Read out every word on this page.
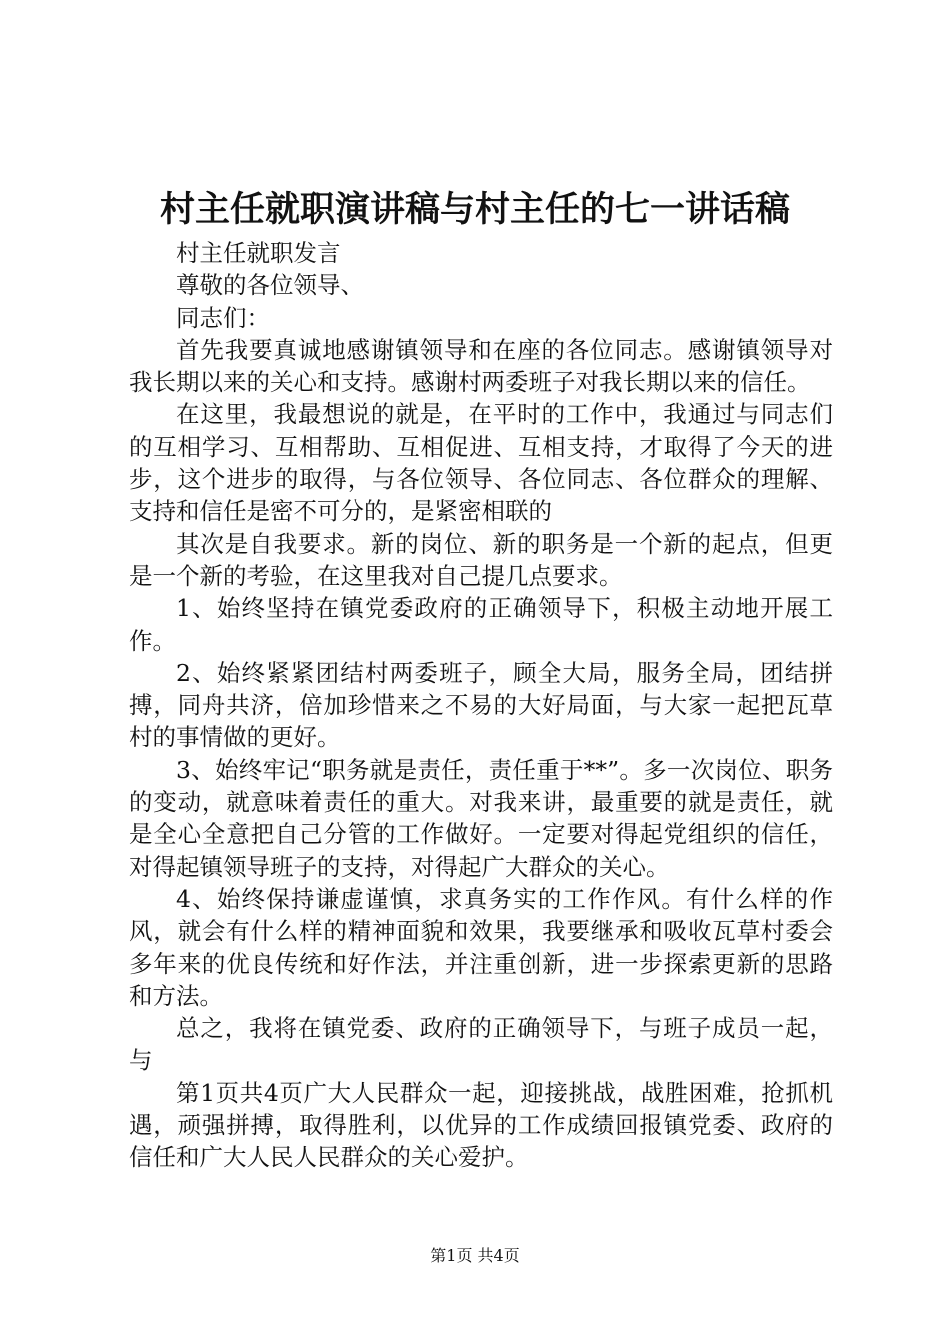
村主任就职演讲稿与村主任的七一讲话稿

村主任就职发言

尊敬的各位领导、

同志们：

首先我要真诚地感谢镇领导和在座的各位同志。感谢镇领导对我长期以来的关心和支持。感谢村两委班子对我长期以来的信任。

在这里，我最想说的就是，在平时的工作中，我通过与同志们的互相学习、互相帮助、互相促进、互相支持，才取得了今天的进步，这个进步的取得，与各位领导、各位同志、各位群众的理解、支持和信任是密不可分的，是紧密相联的

其次是自我要求。新的岗位、新的职务是一个新的起点，但更是一个新的考验，在这里我对自己提几点要求。

1、始终坚持在镇党委政府的正确领导下，积极主动地开展工作。

2、始终紧紧团结村两委班子，顾全大局，服务全局，团结拼搏，同舟共济，倍加珍惜来之不易的大好局面，与大家一起把瓦草村的事情做的更好。

3、始终牢记“职务就是责任，责任重于**”。多一次岗位、职务的变动，就意味着责任的重大。对我来讲，最重要的就是责任，就是全心全意把自己分管的工作做好。一定要对得起党组织的信任，对得起镇领导班子的支持，对得起广大群众的关心。

4、始终保持谦虚谨慎，求真务实的工作作风。有什么样的作风，就会有什么样的精神面貌和效果，我要继承和吸收瓦草村委会多年来的优良传统和好作法，并注重创新，进一步探索更新的思路和方法。

总之，我将在镇党委、政府的正确领导下，与班子成员一起，与

第1页共4页广大人民群众一起，迎接挑战，战胜困难，抢抓机遇，顽强拼搏，取得胜利，以优异的工作成绩回报镇党委、政府的信任和广大人民人民群众的关心爱护。

第1页 共4页
